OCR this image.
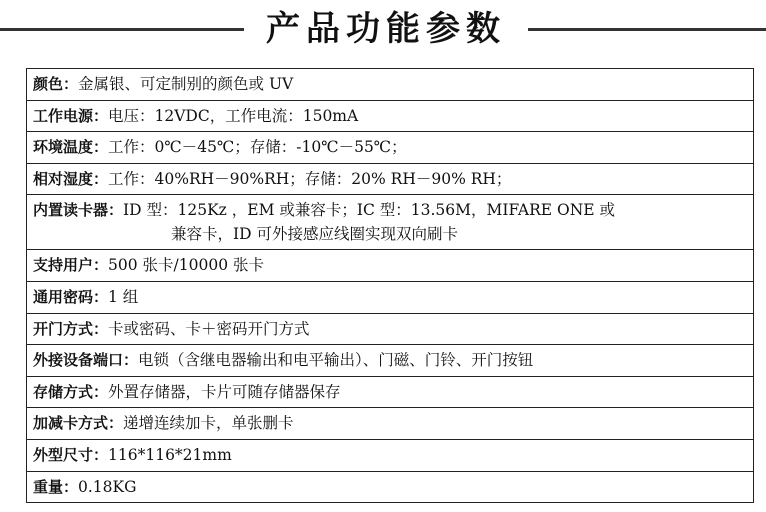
产品功能参数
颜色：金属银、可定制别的颜色或 UV
工作电源：电压：12VDC，工作电流：150mA
环境温度：工作：0℃－45℃；存储：-10℃－55℃；
相对湿度：工作：40%RH－90%RH；存储：20% RH－90% RH；
内置读卡器：ID 型：125Kz ，EM 或兼容卡；IC 型：13.56M，MIFARE ONE 或
兼容卡，ID 可外接感应线圈实现双向刷卡

支持用户：500 张卡/10000 张卡
通用密码：1 组
开门方式：卡或密码、卡＋密码开门方式
外接设备端口：电锁（含继电器输出和电平输出）、门磁、门铃、开门按钮
存储方式：外置存储器，卡片可随存储器保存
加减卡方式：递增连续加卡，单张删卡
外型尺寸：116*116*21mm
重量：0.18KG
